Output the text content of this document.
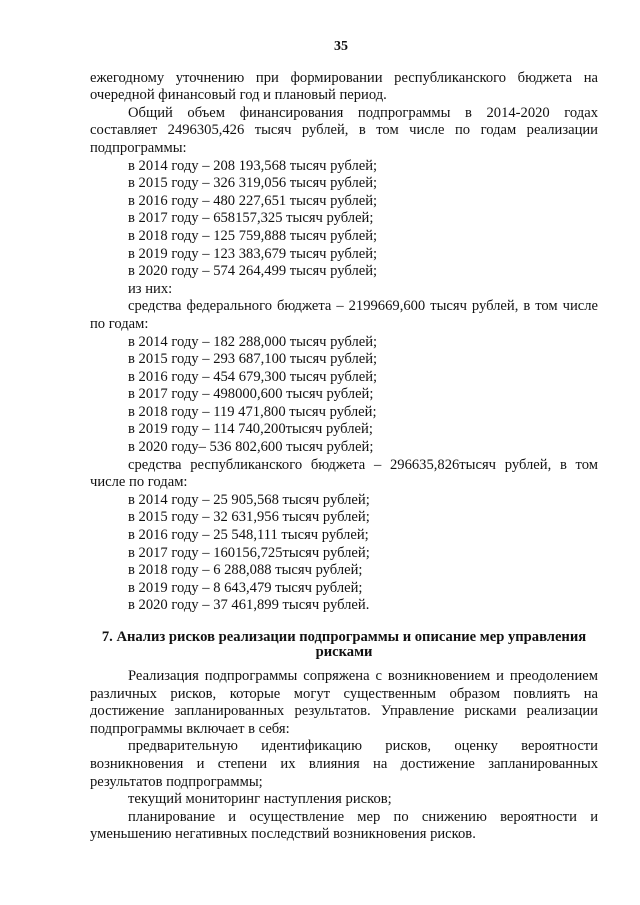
35

ежегодному уточнению при формировании республиканского бюджета на очередной финансовый год и плановый период.

Общий объем финансирования подпрограммы в 2014-2020 годах составляет 2496305,426 тысяч рублей, в том числе по годам реализации подпрограммы:

в 2014 году – 208 193,568 тысяч рублей;
в 2015 году – 326 319,056 тысяч рублей;
в 2016 году – 480 227,651 тысяч рублей;
в 2017 году – 658157,325 тысяч рублей;
в 2018 году – 125 759,888 тысяч рублей;
в 2019 году – 123 383,679 тысяч рублей;
в 2020 году – 574 264,499 тысяч рублей;
из них:

средства федерального бюджета – 2199669,600 тысяч рублей, в том числе по годам:

в 2014 году – 182 288,000 тысяч рублей;
в 2015 году – 293 687,100 тысяч рублей;
в 2016 году – 454 679,300 тысяч рублей;
в 2017 году – 498000,600 тысяч рублей;
в 2018 году – 119 471,800 тысяч рублей;
в 2019 году – 114 740,200тысяч рублей;
в 2020 году– 536 802,600 тысяч рублей;

средства республиканского бюджета – 296635,826тысяч рублей, в том числе по годам:

в 2014 году – 25 905,568 тысяч рублей;
в 2015 году – 32 631,956 тысяч рублей;
в 2016 году – 25 548,111 тысяч рублей;
в 2017 году – 160156,725тысяч рублей;
в 2018 году – 6 288,088 тысяч рублей;
в 2019 году – 8 643,479 тысяч рублей;
в 2020 году – 37 461,899 тысяч рублей.
7. Анализ рисков реализации подпрограммы и описание мер управления
рисками

Реализация подпрограммы сопряжена с возникновением и преодолением различных рисков, которые могут существенным образом повлиять на достижение запланированных результатов. Управление рисками реализации подпрограммы включает в себя:

предварительную идентификацию рисков, оценку вероятности возникновения и степени их влияния на достижение запланированных результатов подпрограммы;

текущий мониторинг наступления рисков;

планирование и осуществление мер по снижению вероятности и уменьшению негативных последствий возникновения рисков.
